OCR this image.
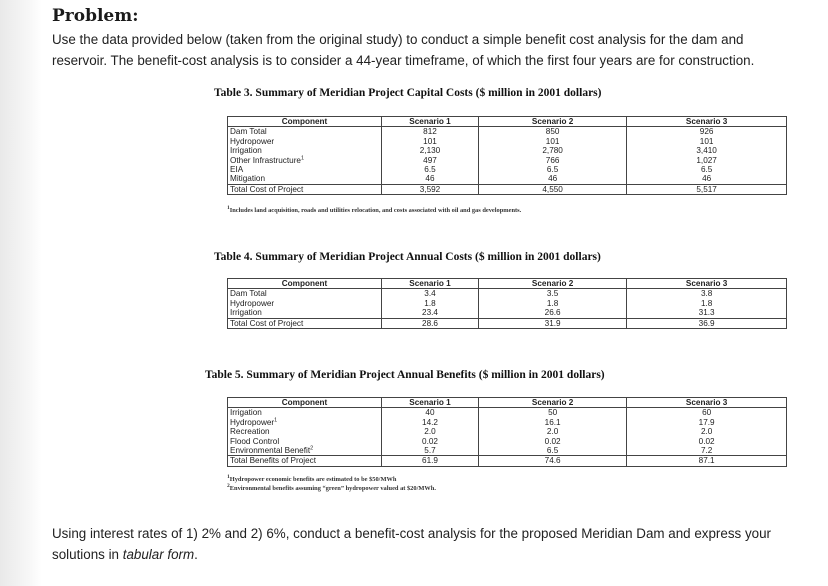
Problem:
Use the data provided below (taken from the original study) to conduct a simple benefit cost analysis for the dam and reservoir. The benefit-cost analysis is to consider a 44-year timeframe, of which the first four years are for construction.
Table 3. Summary of Meridian Project Capital Costs ($ million in 2001 dollars)
Component	Scenario 1	Scenario 2	Scenario 3
Dam Total	812	850	926
Hydropower	101	101	101
Irrigation	2,130	2,780	3,410
Other Infrastructure$^1$	497	766	1,027
EIA	6.5	6.5	6.5
Mitigation	46	46	46
Total Cost of Project	3,592	4,550	5,517
$^1$Includes land acquisition, roads and utilities relocation, and costs associated with oil and gas developments.
Table 4. Summary of Meridian Project Annual Costs ($ million in 2001 dollars)
Component	Scenario 1	Scenario 2	Scenario 3
Dam Total	3.4	3.5	3.8
Hydropower	1.8	1.8	1.8
Irrigation	23.4	26.6	31.3
Total Cost of Project	28.6	31.9	36.9
Table 5. Summary of Meridian Project Annual Benefits ($ million in 2001 dollars)
Component	Scenario 1	Scenario 2	Scenario 3
Irrigation	40	50	60
Hydropower$^1$	14.2	16.1	17.9
Recreation	2.0	2.0	2.0
Flood Control	0.02	0.02	0.02
Environmental Benefit$^2$	5.7	6.5	7.2
Total Benefits of Project	61.9	74.6	87.1
$^1$Hydropower economic benefits are estimated to be $50/MWh
$^2$Environmental benefits assuming “green” hydropower valued at $20/MWh.
Using interest rates of 1) 2% and 2) 6%, conduct a benefit-cost analysis for the proposed Meridian Dam and express your solutions in tabular form.
